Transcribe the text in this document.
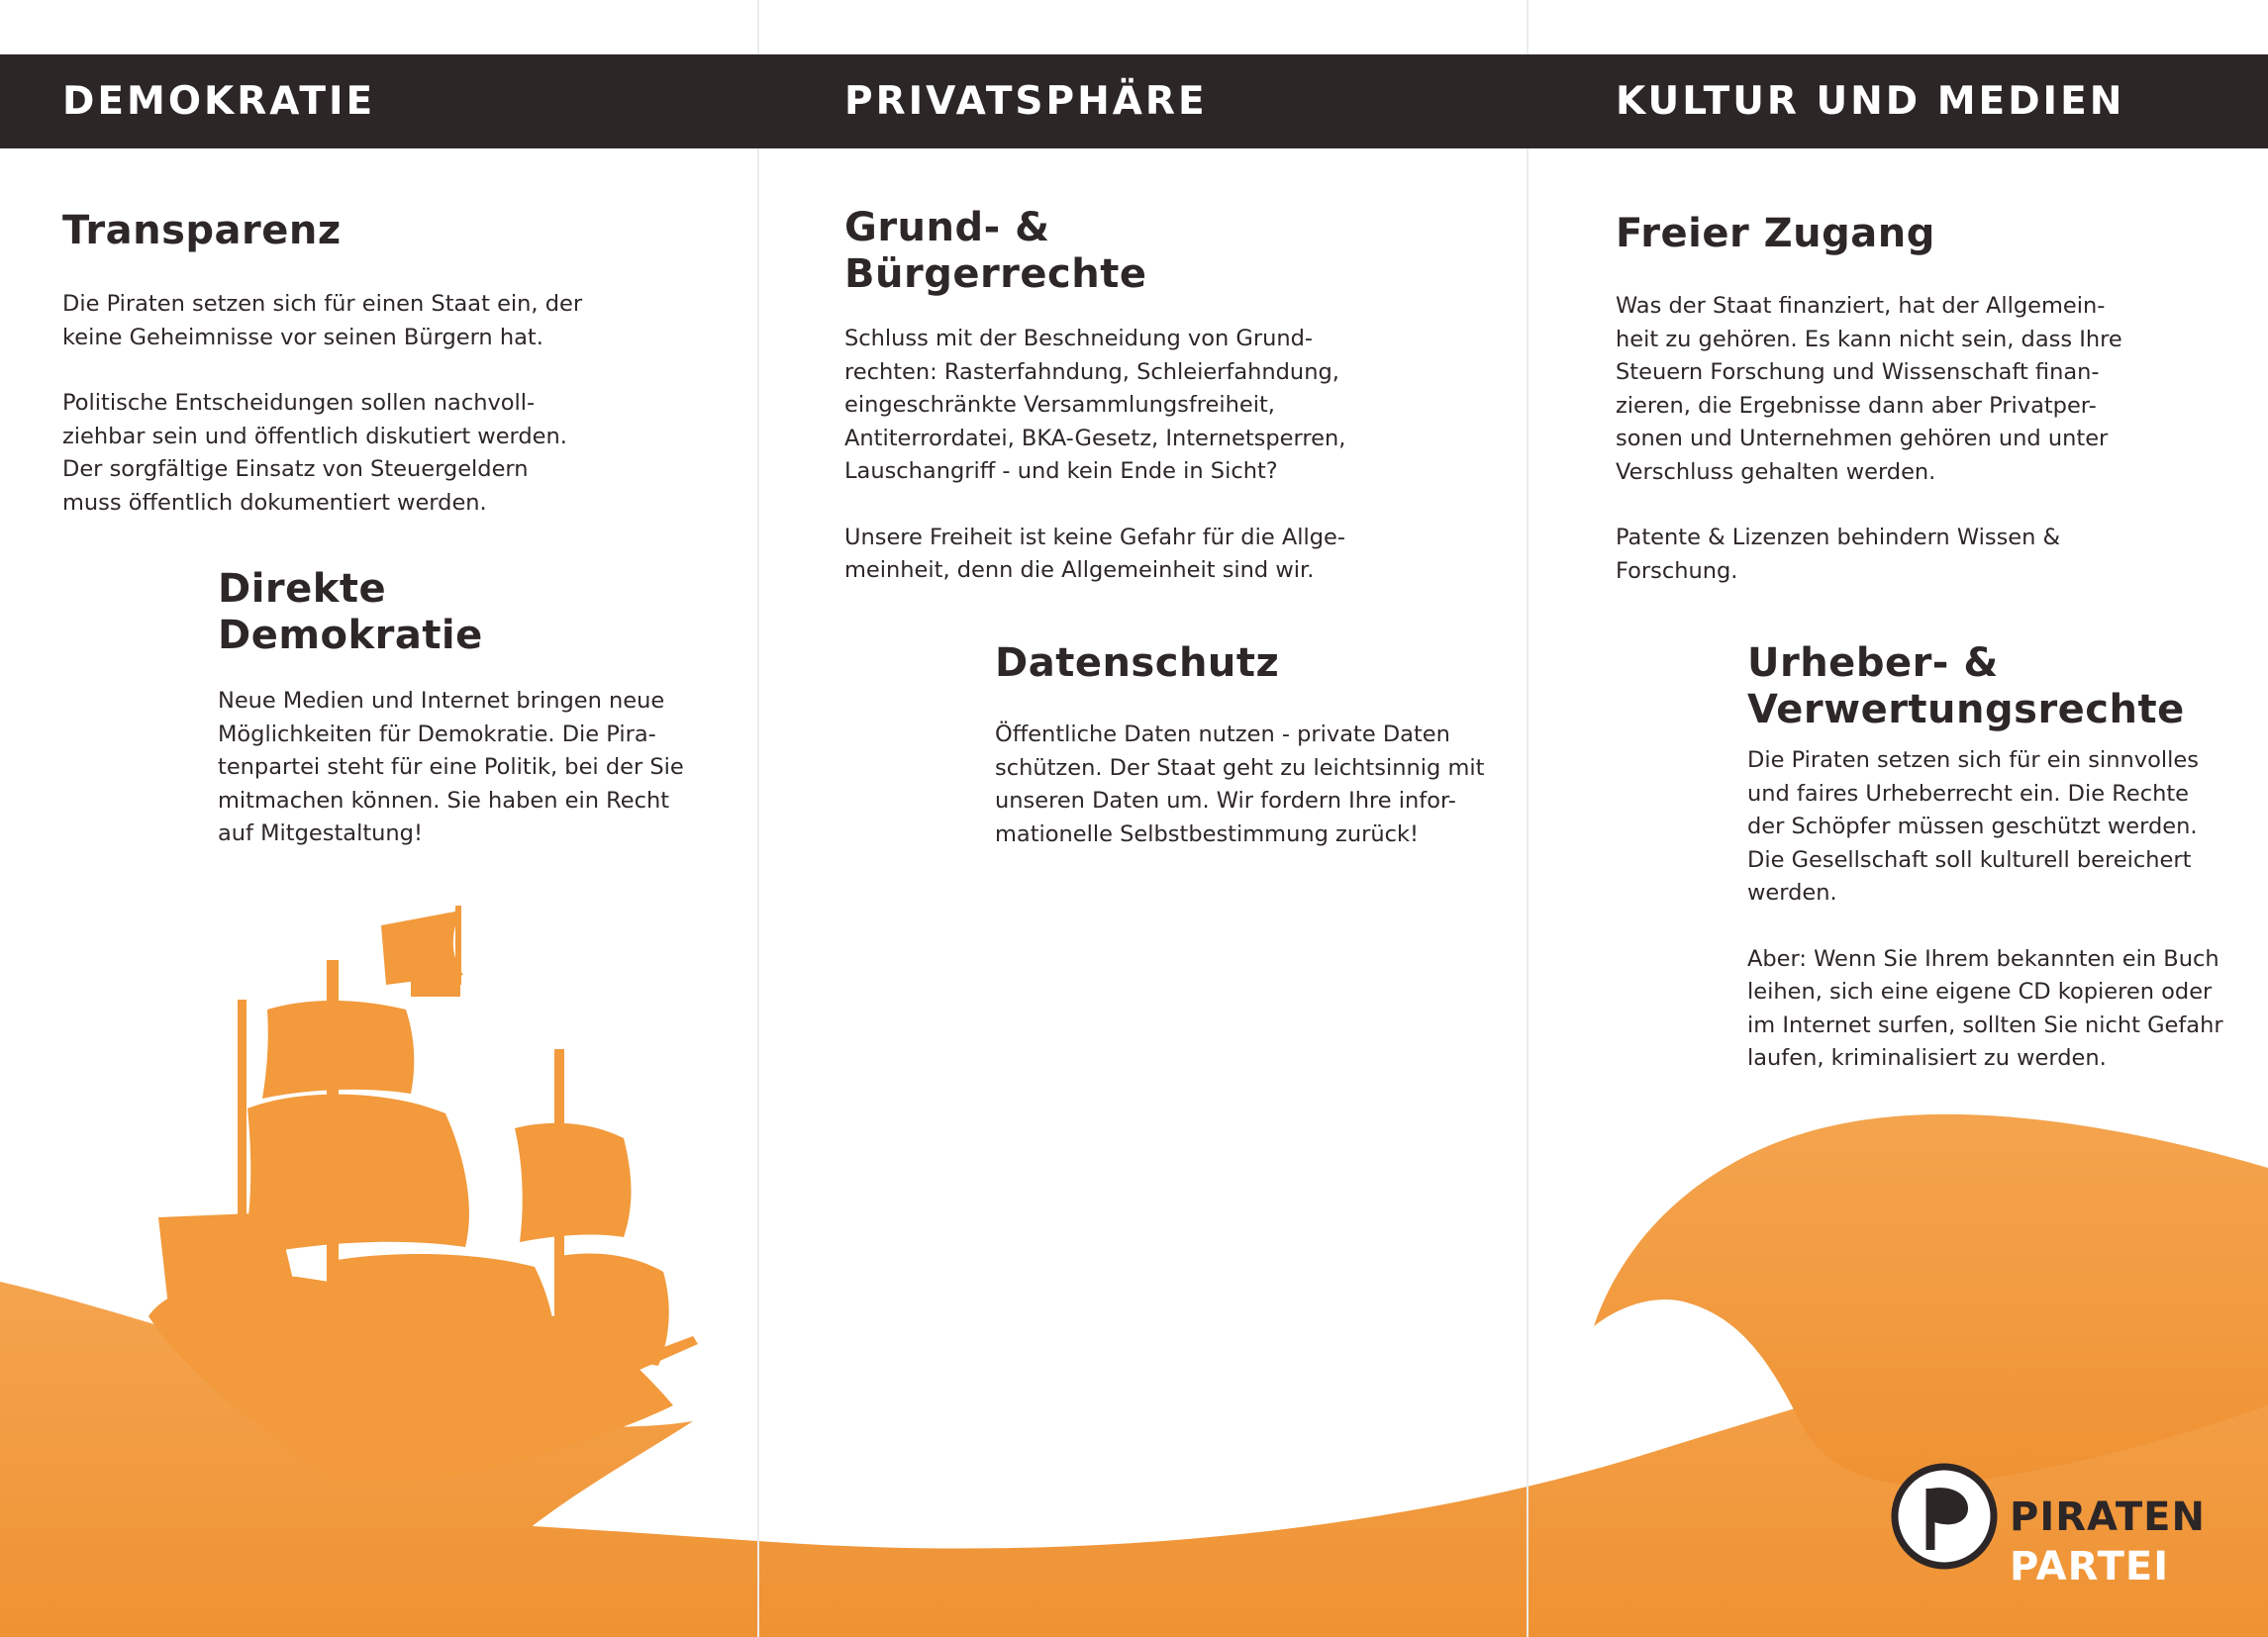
DEMOKRATIE	PRIVATSPHÄRE	KULTUR UND MEDIEN
Transparenz

Die Piraten setzen sich für einen Staat ein, der
keine Geheimnisse vor seinen Bürgern hat.

Politische Entscheidungen sollen nachvoll-
ziehbar sein und öffentlich diskutiert werden.
Der sorgfältige Einsatz von Steuergeldern
muss öffentlich dokumentiert werden.

Direkte
Demokratie

Neue Medien und Internet bringen neue
Möglichkeiten für Demokratie. Die Pira-
tenpartei steht für eine Politik, bei der Sie
mitmachen können. Sie haben ein Recht
auf Mitgestaltung!

Grund- &
Bürgerrechte

Schluss mit der Beschneidung von Grund-
rechten: Rasterfahndung, Schleierfahndung,
eingeschränkte Versammlungsfreiheit,
Antiterrordatei, BKA-Gesetz, Internetsperren,
Lauschangriff - und kein Ende in Sicht?

Unsere Freiheit ist keine Gefahr für die Allge-
meinheit, denn die Allgemeinheit sind wir.

Datenschutz

Öffentliche Daten nutzen - private Daten
schützen. Der Staat geht zu leichtsinnig mit
unseren Daten um. Wir fordern Ihre infor-
mationelle Selbstbestimmung zurück!

Freier Zugang

Was der Staat finanziert, hat der Allgemein-
heit zu gehören. Es kann nicht sein, dass Ihre
Steuern Forschung und Wissenschaft finan-
zieren, die Ergebnisse dann aber Privatper-
sonen und Unternehmen gehören und unter
Verschluss gehalten werden.

Patente & Lizenzen behindern Wissen &
Forschung.

Urheber- &
Verwertungsrechte

Die Piraten setzen sich für ein sinnvolles
und faires Urheberrecht ein. Die Rechte
der Schöpfer müssen geschützt werden.
Die Gesellschaft soll kulturell bereichert
werden.

Aber: Wenn Sie Ihrem bekannten ein Buch
leihen, sich eine eigene CD kopieren oder
im Internet surfen, sollten Sie nicht Gefahr
laufen, kriminalisiert zu werden.

PIRATEN
PARTEI
